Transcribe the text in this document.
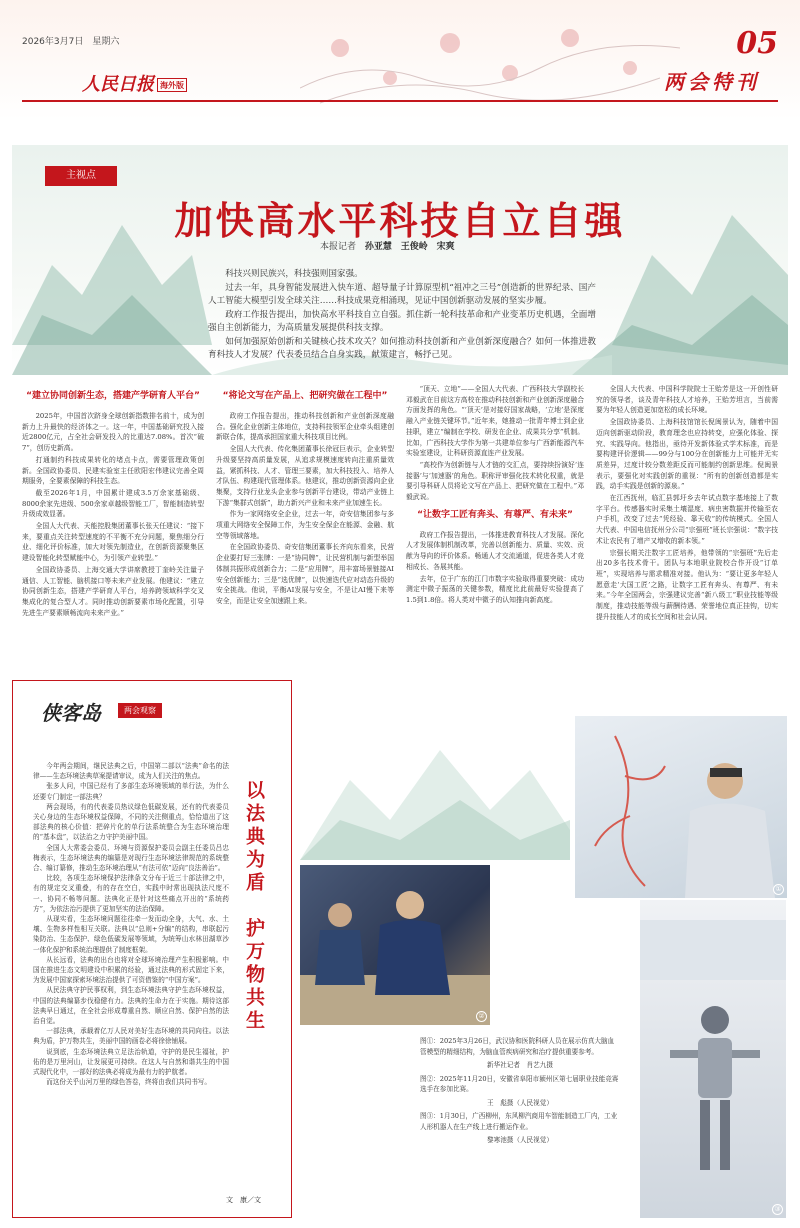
2026年3月7日　星期六	05
人民日报 海外版	两会特刊
主视点
加快高水平科技自立自强
本报记者 孙亚慧 王俊岭 宋爽

科技兴则民族兴，科技强则国家强。

过去一年，具身智能发展进入快车道、超导量子计算原型机“祖冲之三号”创造新的世界纪录、国产人工智能大模型引发全球关注……科技成果竞相涌现，见证中国创新驱动发展的坚实步履。

政府工作报告提出，加快高水平科技自立自强。抓住新一轮科技革命和产业变革历史机遇，全面增强自主创新能力，为高质量发展提供科技支撑。

如何加强原始创新和关键核心技术攻关？如何推动科技创新和产业创新深度融合？如何一体推进教育科技人才发展？代表委员结合自身实践，献策建言，畅抒己见。

“建立协同创新生态，搭建产学研育人平台”

2025年，中国首次跻身全球创新指数排名前十，成为创新力上升最快的经济体之一。这一年，中国基础研究投入接近2800亿元，占全社会研发投入的比重达7.08%。首次“破7”，创历史新高。

打通制约科技成果转化的堵点卡点，需要管理政策创新。全国政协委员、民建实验室主任欧阳宏伟建议完善全周期服务，全要素保障的科技生态。

截至2026年1月，中国累计建成3.5万余家基础级、8000余家先进级、500余家卓越级智能工厂，智能制造转型升级成效显著。

全国人大代表、天能控股集团董事长张天任建议：“接下来，要重点关注转型速度的不平衡不充分问题，聚焦细分行业、细化评价标准，加大对领先制造业，在创新资源聚集区建设智能化转型赋能中心，为引领产业转型。”

全国政协委员、上海交通大学讲席教授丁奎岭关注量子通信、人工智能、脑机接口等未来产业发展。他建议：“建立协同创新生态，搭建产学研育人平台，培养跨领域科学交叉集成化的复合型人才。同时推动创新要素市场化配置，引导先进生产要素顺畅流向未来产业。”

“将论文写在产品上、把研究做在工程中”

政府工作报告提出，推动科技创新和产业创新深度融合。强化企业创新主体地位，支持科技领军企业牵头组建创新联合体，提高承担国家重大科技项目比例。

全国人大代表、传化集团董事长徐冠巨表示，企业转型升级要坚持高质量发展，从追求规模速度转向注重质量效益，紧抓科技、人才、管理三要素，加大科技投入、培养人才队伍、构建现代管理体系。他建议，推动创新资源向企业集聚，支持行业龙头企业参与创新平台建设，带动产业链上下游“集群式创新”，助力新兴产业和未来产业加速生长。

作为一家网络安全企业，过去一年，奇安信集团参与多项重大网络安全保障工作，为生安全保企在能源、金融、航空等领域落地。

在全国政协委员、奇安信集团董事长齐向东看来，民营企业要打好三张牌：一是“协同牌”，让民营机制与新型举国体制共振形成创新合力；二是“应用牌”，用丰富场景链接AI安全创新能力；三是“选优牌”，以快速迭代应对动态升级的安全挑战。他说，平衡AI发展与安全，不是让AI慢下来等安全，而是让安全加速跟上来。

“顶天、立地”——全国人大代表、广西科技大学副校长邓毅武在目前这方高校在推动科技创新和产业创新深度融合方面发挥的角色。“‘顶天’是对接好国家战略，‘立地’是深度融入产业链关键环节。”近年来，她推动一批青年博士到企业挂职，建立“编制在学校、研发在企业、成果共分享”机制。比如，广西科技大学作为第一共建单位参与广西新能源汽车实验室建设，让科研资源直连产业发展。

“高校作为创新链与人才链的交汇点，要持续扮演好‘连接器’与‘加速器’的角色。职称评审强化技术转化权重，就是要引导科研人员将论文写在产品上、把研究做在工程中。”邓毅武说。

“让数字工匠有奔头、有尊严、有未来”

政府工作报告提出，一体推进教育科技人才发展。深化人才发展体制机制改革，完善以创新能力、质量、实效、贡献为导向的评价体系。畅通人才交流通道，促进各类人才竞相成长、各展其能。

去年，位于广东的江门市数字实验取得重要突破：成功测定中微子振荡的关键参数，精度比此前最好实验提高了1.5到1.8倍。将人类对中微子的认知推向新高度。

全国人大代表、中国科学院院士王贻芳是这一开创性研究的领导者，谈及青年科技人才培养，王贻芳坦言，当前需要为年轻人创造更加宽松的成长环境。

全国政协委员、上海科技馆馆长倪闽景认为，随着中国迈向创新驱动阶段，教育理念也应持转变，应强化体验、探究、实践导向。他指出，亟待开发新体验式学术标准，而是要构建评价逻辑——99分与100分在创新能力上可能并无实质差异，过度计较分数差距反而可能制约创新思维。倪闽景表示，要强化对实践创新的重视：“所有的创新创造都是实践，动手实践是创新的源泉。”

在江西抚州，临汇县郭圩乡去年试点数字基地接上了数字平台。传感器实时采集土壤湿度、病虫害数据并传输至农户手机，改变了过去“凭经验、靠天收”的传统模式。全国人大代表、中国电信抚州分公司“宗强班”班长宗强说：“数字技术让农民有了增产又增收的新本领。”

宗强长期关注数字工匠培养，他带领的“宗强班”先后走出20多名技术骨干。团队与本地职业院校合作开设“订单班”，实现培养与需求精准对接。他认为：“要让更多年轻人愿意走‘大国工匠’之路，让数字工匠有奔头、有尊严、有未来。”今年全国两会，宗强建议完善“新八级工”职业技能等级制度，推动技能等级与薪酬待遇、荣誉地位真正挂钩，切实提升技能人才的成长空间和社会认同。

侠客岛	两会观察

今年两会期间，继民法典之后，中国第二部以“法典”命名的法律——生态环境法典草案提请审议，成为人们关注的焦点。

张多人问，中国已经有了多部生态环境领域的单行法，为什么还要专门制定一部法典？

两会现场，有的代表委员热议绿色低碳发展，还有的代表委员关心身边的生态环境权益保障，不同的关注侧重点，恰恰道出了这部法典的核心价值：把碎片化的单行法系统整合为生态环境治理的“基本盘”，以法治之力守护美丽中国。

全国人大常委会委员、环境与资源保护委员会副主任委员吕忠梅表示，生态环境法典的编纂是对现行生态环境法律规范的系统整合、编订纂修，推动生态环境治理从“有法可依”迈向“良法善治”。

比较，各项生态环境保护法律条文分布于近三十部法律之中，有的规定交叉重叠，有的存在空白，实践中时常出现执法尺度不一、协同不畅等问题。法典化正是针对这些痛点开出的“系统药方”，为依法治污提供了更加坚实的法治保障。

从现实看，生态环境问题往往牵一发而动全身，大气、水、土壤、生物多样性相互关联。法典以“总则+分编”的结构，串联起污染防治、生态保护、绿色低碳发展等领域，为统筹山水林田湖草沙一体化保护和系统治理提供了制度框架。

从长远看，法典的出台也将对全球环境治理产生积极影响。中国在推进生态文明建设中积累的经验，通过法典的形式固定下来，为发展中国家探索环境法治提供了可资借鉴的“中国方案”。

从民法典守护民事权利，到生态环境法典守护生态环境权益，中国的法典编纂步伐稳健有力。法典的生命力在于实施。期待这部法典早日通过，在全社会形成尊重自然、顺应自然、保护自然的法治自觉。

一部法典，承载着亿万人民对美好生态环境的共同向往。以法典为盾，护万物共生，美丽中国的画卷必将徐徐铺展。

说到底，生态环境法典立足法治轨道，守护的是民生福祉，护佑的是万里河山，让发展更可持续。在这人与自然和谐共生的中国式现代化中，一部好的法典必将成为最有力的护航者。

而这份关乎山河万里的绿色答卷，终将由我们共同书写。

文　康／文
以法典为盾　护万物共生	②
①
③

图①：2025年3月26日，武汉协和医院科研人员在展示仿真大脑血管模型的精细结构，为脑血管疾病研究和治疗提供重要参考。

新华社记者　肖艺九摄

图②：2025年11月20日，安徽省阜阳市颍州区第七届职业技能竞赛选手在参加比赛。

王　彪摄（人民视觉）

图③：1月30日，广西柳州，东风柳汽商用车智能制造工厂内，工业人形机器人在生产线上进行搬运作业。

黎寒池摄（人民视觉）
